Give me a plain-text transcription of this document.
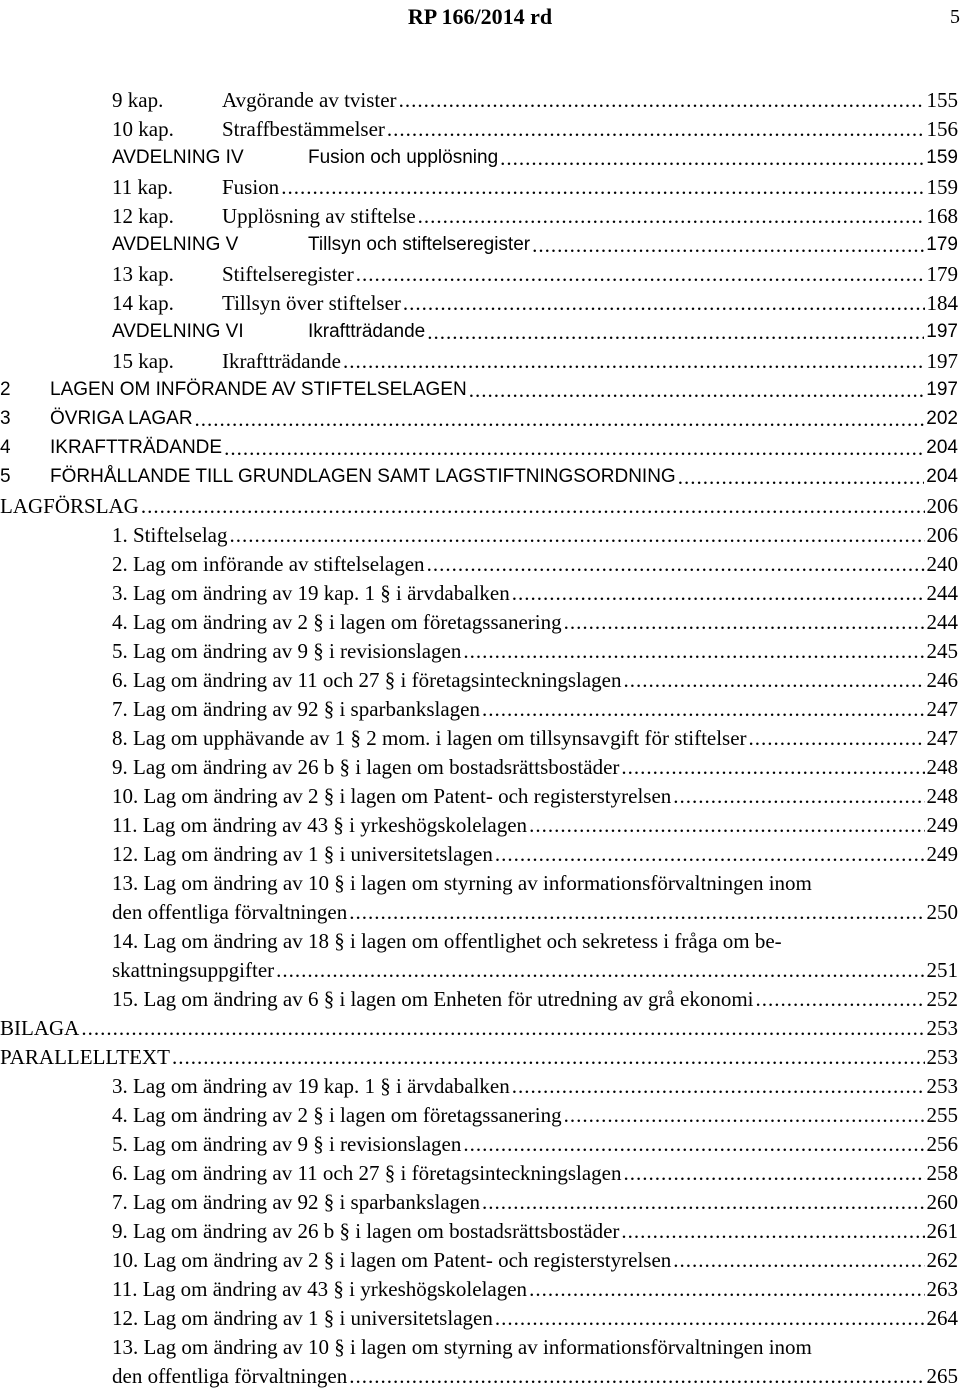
RP 166/2014 rd	5
9 kap.	Avgörande av tvister .....	155
10 kap.	Straffbestämmelser .....	156
AVDELNING IV	Fusion och upplösning .....	159
11 kap.	Fusion .....	159
12 kap.	Upplösning av stiftelse .....	168
AVDELNING V	Tillsyn och stiftelseregister .....	179
13 kap.	Stiftelseregister .....	179
14 kap.	Tillsyn över stiftelser .....	184
AVDELNING VI	Ikraftträdande .....	197
15 kap.	Ikraftträdande .....	197
2	LAGEN OM INFÖRANDE AV STIFTELSELAGEN .....	197
3	ÖVRIGA LAGAR .....	202
4	IKRAFTTRÄDANDE .....	204
5	FÖRHÅLLANDE TILL GRUNDLAGEN SAMT LAGSTIFTNINGSORDNING .....	204
LAGFÖRSLAG .....	206
1. Stiftelselag .....	206
2. Lag om införande av stiftelselagen .....	240
3. Lag om ändring av 19 kap. 1 § i ärvdabalken .....	244
4. Lag om ändring av 2 § i lagen om företagssanering .....	244
5. Lag om ändring av 9 § i revisionslagen .....	245
6. Lag om ändring av 11 och 27 § i företagsinteckningslagen .....	246
7. Lag om ändring av 92 § i sparbankslagen .....	247
8. Lag om upphävande av 1 § 2 mom. i lagen om tillsynsavgift för stiftelser .....	247
9. Lag om ändring av 26 b § i lagen om bostadsrättsbostäder .....	248
10. Lag om ändring av 2 § i lagen om Patent- och registerstyrelsen .....	248
11. Lag om ändring av 43 § i yrkeshögskolelagen .....	249
12. Lag om ändring av 1 § i universitetslagen .....	249
13. Lag om ändring av 10 § i lagen om styrning av informationsförvaltningen inom
den offentliga förvaltningen .....	250
14. Lag om ändring av 18 § i lagen om offentlighet och sekretess i fråga om be-
skattningsuppgifter .....	251
15. Lag om ändring av 6 § i lagen om Enheten för utredning av grå ekonomi .....	252
BILAGA .....	253
PARALLELLTEXT .....	253
3. Lag om ändring av 19 kap. 1 § i ärvdabalken .....	253
4. Lag om ändring av 2 § i lagen om företagssanering .....	255
5. Lag om ändring av 9 § i revisionslagen .....	256
6. Lag om ändring av 11 och 27 § i företagsinteckningslagen .....	258
7. Lag om ändring av 92 § i sparbankslagen .....	260
9. Lag om ändring av 26 b § i lagen om bostadsrättsbostäder .....	261
10. Lag om ändring av 2 § i lagen om Patent- och registerstyrelsen .....	262
11. Lag om ändring av 43 § i yrkeshögskolelagen .....	263
12. Lag om ändring av 1 § i universitetslagen .....	264
13. Lag om ändring av 10 § i lagen om styrning av informationsförvaltningen inom
den offentliga förvaltningen .....	265
